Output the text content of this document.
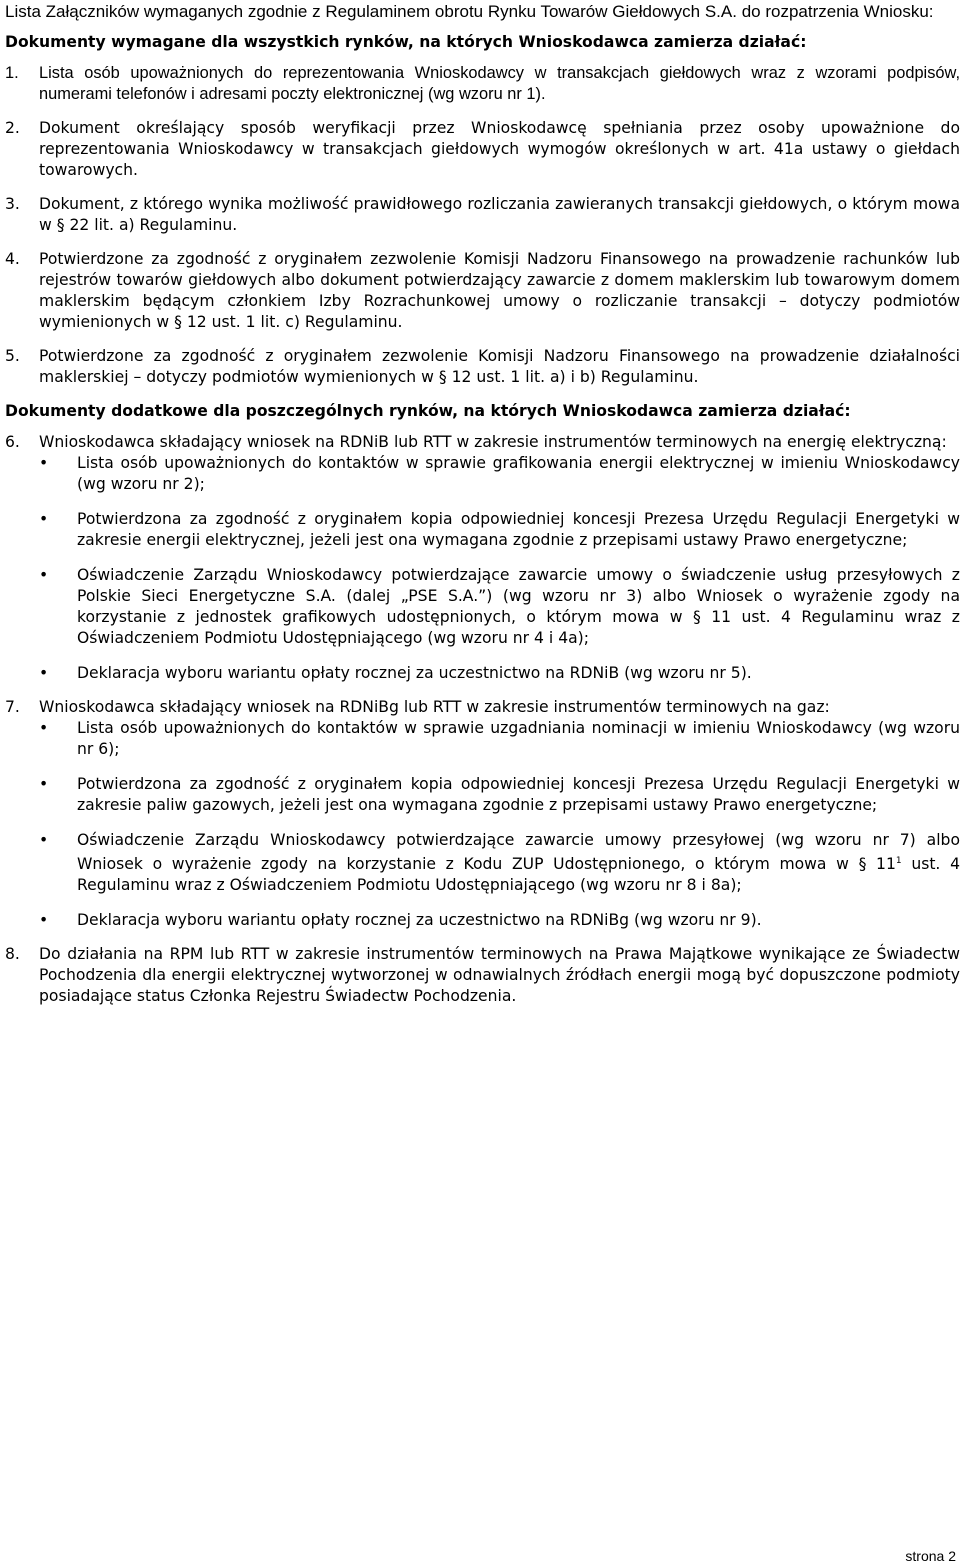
Lista Załączników wymaganych zgodnie z Regulaminem obrotu Rynku Towarów Giełdowych S.A. do rozpatrzenia Wniosku:

Dokumenty wymagane dla wszystkich rynków, na których Wnioskodawca zamierza działać:

1.	Lista osób upoważnionych do reprezentowania Wnioskodawcy w transakcjach giełdowych wraz z wzorami podpisów, numerami telefonów i adresami poczty elektronicznej (wg wzoru nr 1).

2.	Dokument określający sposób weryfikacji przez Wnioskodawcę spełniania przez osoby upoważnione do reprezentowania Wnioskodawcy w transakcjach giełdowych wymogów określonych w art. 41a ustawy o giełdach towarowych.

3.	Dokument, z którego wynika możliwość prawidłowego rozliczania zawieranych transakcji giełdowych, o którym mowa w § 22 lit. a) Regulaminu.

4.	Potwierdzone za zgodność z oryginałem zezwolenie Komisji Nadzoru Finansowego na prowadzenie rachunków lub rejestrów towarów giełdowych albo dokument potwierdzający zawarcie z domem maklerskim lub towarowym domem maklerskim będącym członkiem Izby Rozrachunkowej umowy o rozliczanie transakcji – dotyczy podmiotów wymienionych w § 12 ust. 1 lit. c) Regulaminu.

5.	Potwierdzone za zgodność z oryginałem zezwolenie Komisji Nadzoru Finansowego na prowadzenie działalności maklerskiej – dotyczy podmiotów wymienionych w § 12 ust. 1 lit. a) i b) Regulaminu.

Dokumenty dodatkowe dla poszczególnych rynków, na których Wnioskodawca zamierza działać:

6.	Wnioskodawca składający wniosek na RDNiB lub RTT w zakresie instrumentów terminowych na energię elektryczną:

•	Lista osób upoważnionych do kontaktów w sprawie grafikowania energii elektrycznej w imieniu Wnioskodawcy (wg wzoru nr 2);
•	Potwierdzona za zgodność z oryginałem kopia odpowiedniej koncesji Prezesa Urzędu Regulacji Energetyki w zakresie energii elektrycznej, jeżeli jest ona wymagana zgodnie z przepisami ustawy Prawo energetyczne;
•	Oświadczenie Zarządu Wnioskodawcy potwierdzające zawarcie umowy o świadczenie usług przesyłowych z Polskie Sieci Energetyczne S.A. (dalej „PSE S.A.”) (wg wzoru nr 3) albo Wniosek o wyrażenie zgody na korzystanie z jednostek grafikowych udostępnionych, o którym mowa w § 11 ust. 4 Regulaminu wraz z Oświadczeniem Podmiotu Udostępniającego (wg wzoru nr 4 i 4a);
•	Deklaracja wyboru wariantu opłaty rocznej za uczestnictwo na RDNiB (wg wzoru nr 5).
7.	Wnioskodawca składający wniosek na RDNiBg lub RTT w zakresie instrumentów terminowych na gaz:

•	Lista osób upoważnionych do kontaktów w sprawie uzgadniania nominacji w imieniu Wnioskodawcy (wg wzoru nr 6);
•	Potwierdzona za zgodność z oryginałem kopia odpowiedniej koncesji Prezesa Urzędu Regulacji Energetyki w zakresie paliw gazowych, jeżeli jest ona wymagana zgodnie z przepisami ustawy Prawo energetyczne;
•	Oświadczenie Zarządu Wnioskodawcy potwierdzające zawarcie umowy przesyłowej (wg wzoru nr 7) albo Wniosek o wyrażenie zgody na korzystanie z Kodu ZUP Udostępnionego, o którym mowa w § $11^1$ ust. 4 Regulaminu wraz z Oświadczeniem Podmiotu Udostępniającego (wg wzoru nr 8 i 8a);
•	Deklaracja wyboru wariantu opłaty rocznej za uczestnictwo na RDNiBg (wg wzoru nr 9).
8.	Do działania na RPM lub RTT w zakresie instrumentów terminowych na Prawa Majątkowe wynikające ze Świadectw Pochodzenia dla energii elektrycznej wytworzonej w odnawialnych źródłach energii mogą być dopuszczone podmioty posiadające status Członka Rejestru Świadectw Pochodzenia.

strona 2
